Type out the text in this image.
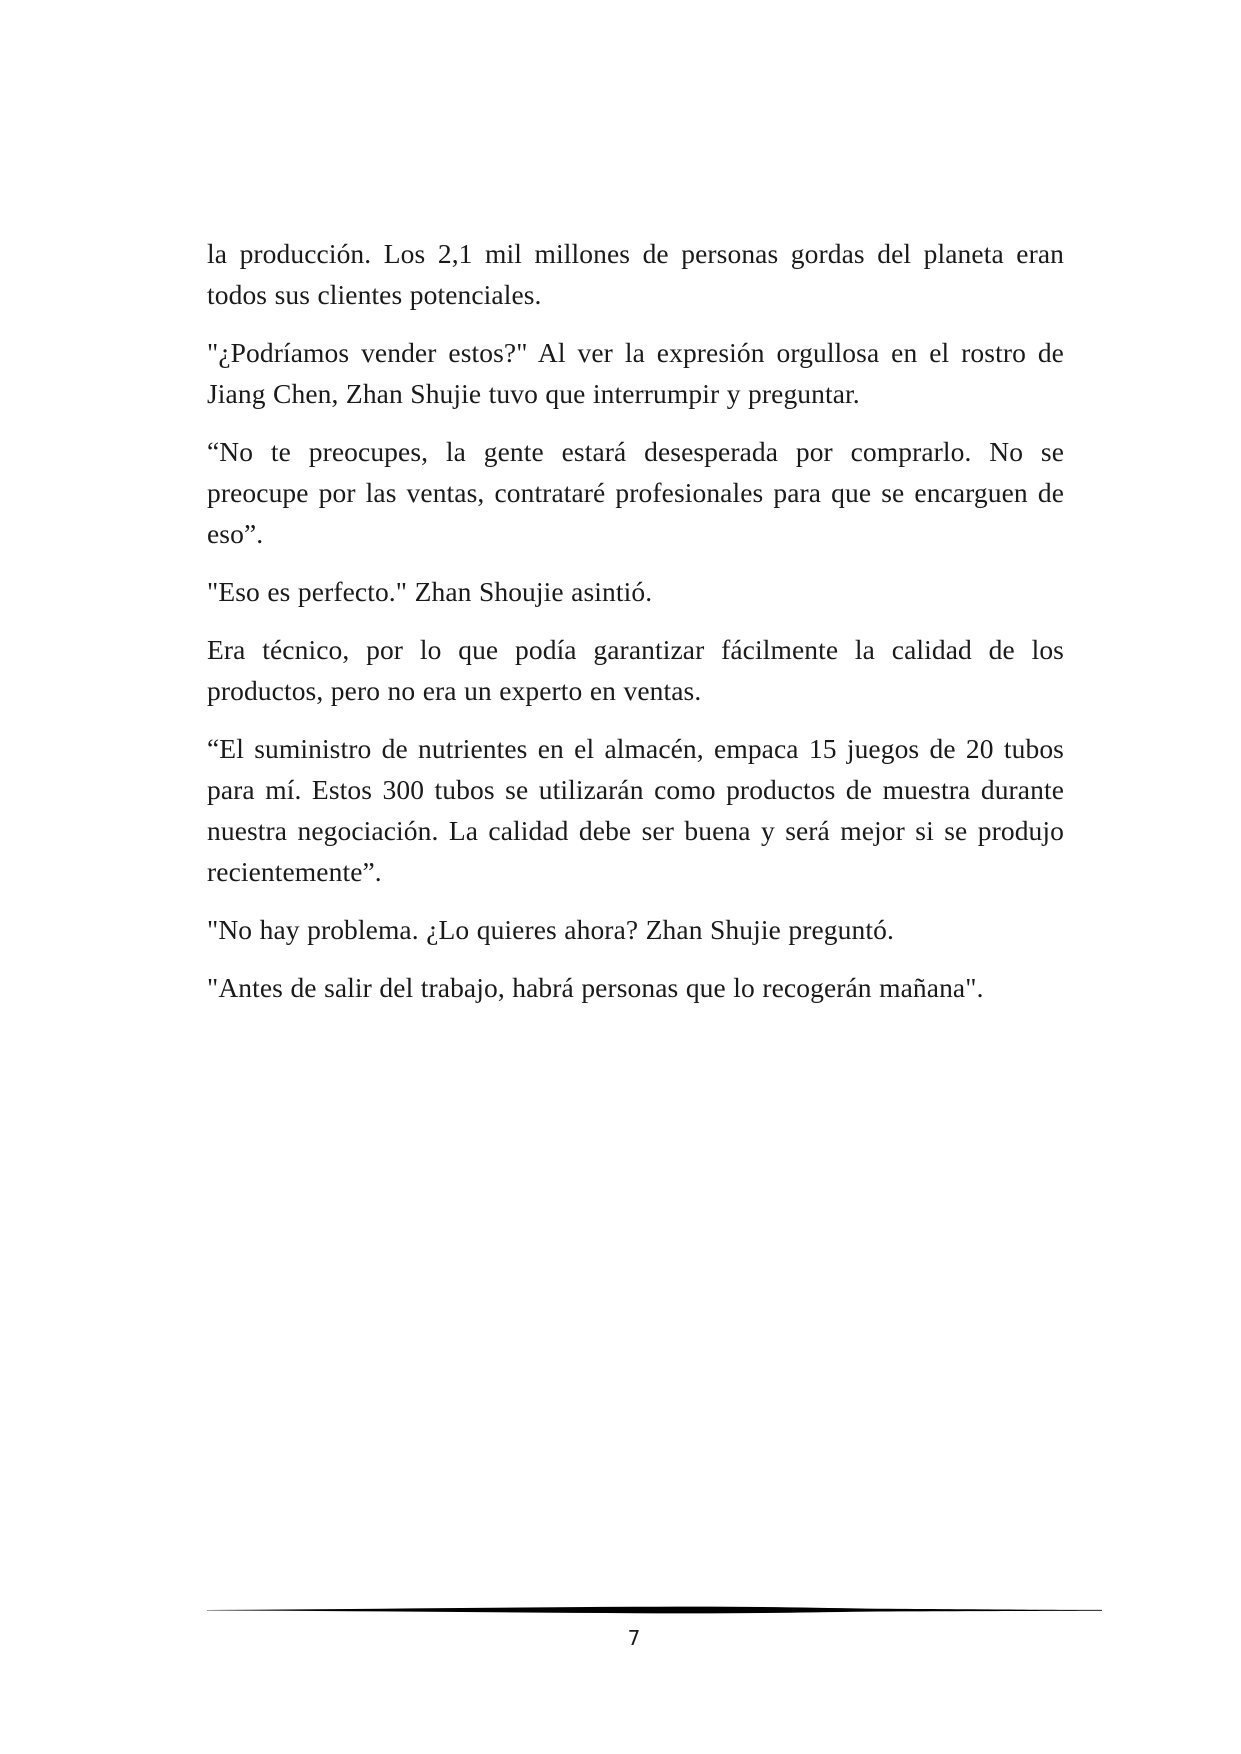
la producción. Los 2,1 mil millones de personas gordas del planeta eran todos sus clientes potenciales.

"¿Podríamos vender estos?" Al ver la expresión orgullosa en el rostro de Jiang Chen, Zhan Shujie tuvo que interrumpir y preguntar.

“No te preocupes, la gente estará desesperada por comprarlo. No se preocupe por las ventas, contrataré profesionales para que se encarguen de eso”.

"Eso es perfecto." Zhan Shoujie asintió.

Era técnico, por lo que podía garantizar fácilmente la calidad de los productos, pero no era un experto en ventas.

“El suministro de nutrientes en el almacén, empaca 15 juegos de 20 tubos para mí. Estos 300 tubos se utilizarán como productos de muestra durante nuestra negociación. La calidad debe ser buena y será mejor si se produjo recientemente”.

"No hay problema. ¿Lo quieres ahora? Zhan Shujie preguntó.

"Antes de salir del trabajo, habrá personas que lo recogerán mañana".

7
